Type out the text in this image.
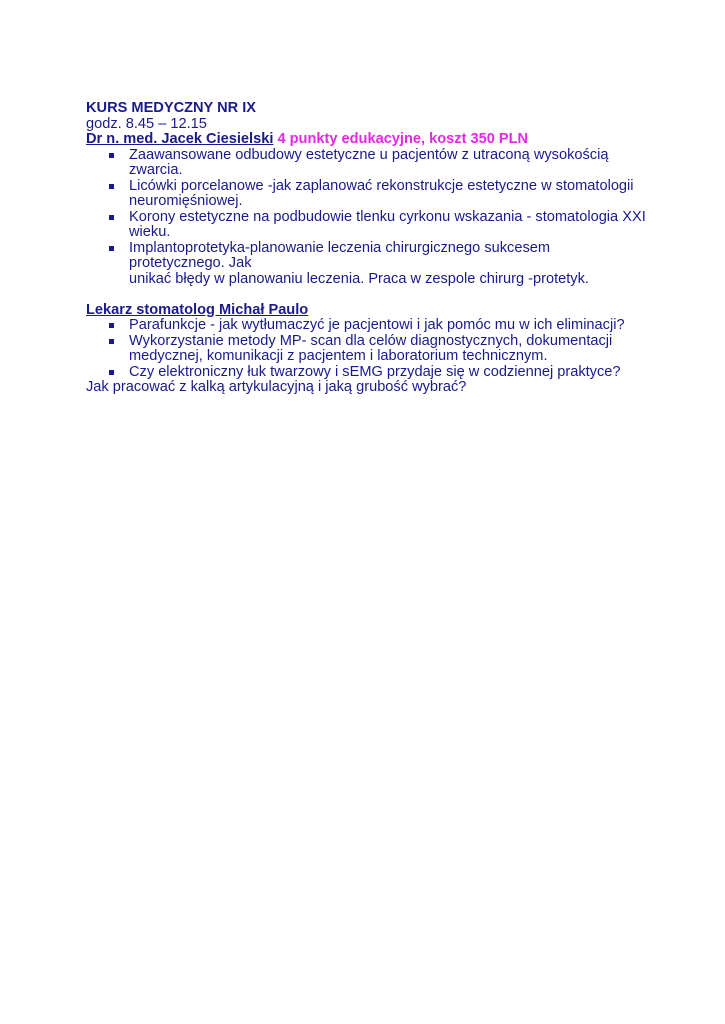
KURS MEDYCZNY NR IX
godz. 8.45 – 12.15
Dr n. med. Jacek Ciesielski 4 punkty edukacyjne, koszt 350 PLN
Zaawansowane odbudowy estetyczne u pacjentów z utraconą wysokością zwarcia.
Licówki porcelanowe -jak zaplanować rekonstrukcje estetyczne w stomatologii
neuromięśniowej.
Korony estetyczne na podbudowie tlenku cyrkonu wskazania - stomatologia XXI
wieku.
Implantoprotetyka-planowanie leczenia chirurgicznego sukcesem protetycznego. Jak
unikać błędy w planowaniu leczenia. Praca w zespole chirurg -protetyk.
Lekarz stomatolog Michał Paulo
Parafunkcje - jak wytłumaczyć je pacjentowi i jak pomóc mu w ich eliminacji?
Wykorzystanie metody MP- scan dla celów diagnostycznych, dokumentacji
medycznej, komunikacji z pacjentem i laboratorium technicznym.
Czy elektroniczny łuk twarzowy i sEMG przydaje się w codziennej praktyce?
Jak pracować z kalką artykulacyjną i jaką grubość wybrać?
